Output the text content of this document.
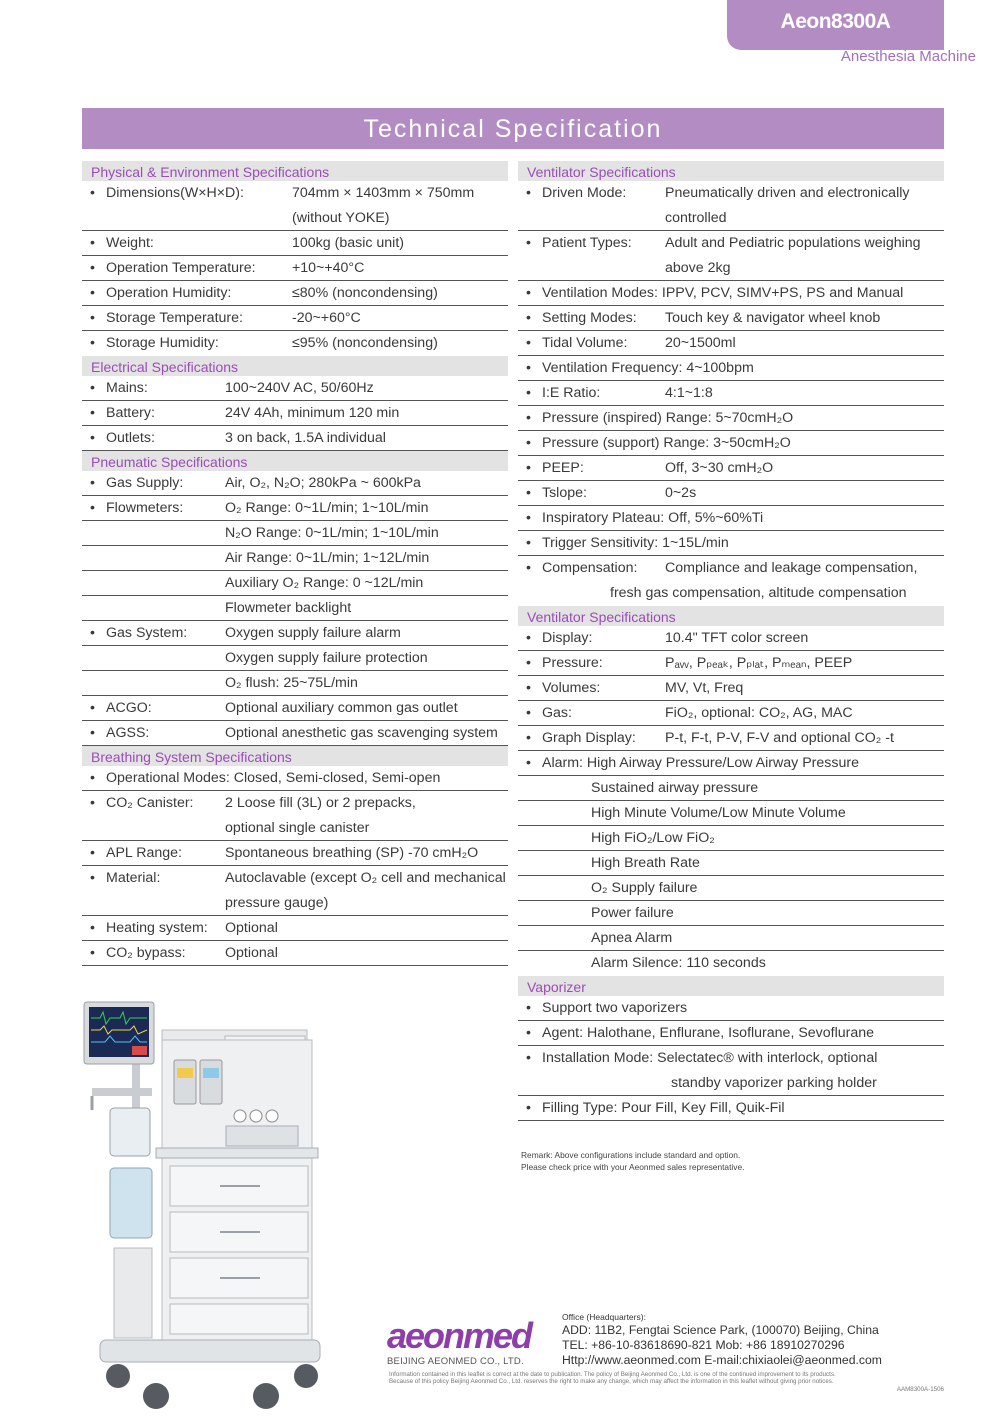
Aeon8300A
Anesthesia Machine
Technical Specification
Physical & Environment Specifications
• Dimensions(W×H×D):	704mm × 1403mm × 750mm
(without YOKE)
• Weight:	100kg (basic unit)
• Operation Temperature:	+10~+40°C
• Operation Humidity:	≤80% (noncondensing)
• Storage Temperature:	-20~+60°C
• Storage Humidity:	≤95% (noncondensing)
Electrical Specifications
• Mains:	100~240V AC, 50/60Hz
• Battery:	24V 4Ah, minimum 120 min
• Outlets:	3 on back, 1.5A individual
Pneumatic Specifications
• Gas Supply:	Air, O₂, N₂O; 280kPa ~ 600kPa
• Flowmeters:	O₂ Range: 0~1L/min; 1~10L/min
N₂O Range: 0~1L/min; 1~10L/min
Air Range: 0~1L/min; 1~12L/min
Auxiliary O₂ Range: 0 ~12L/min
Flowmeter backlight
• Gas System:	Oxygen supply failure alarm
Oxygen supply failure protection
O₂ flush: 25~75L/min
• ACGO:	Optional auxiliary common gas outlet
• AGSS:	Optional anesthetic gas scavenging system
Breathing System Specifications
• Operational Modes: Closed, Semi-closed, Semi-open
• CO₂ Canister: 2 Loose fill (3L) or 2 prepacks,
optional single canister
• APL Range:	Spontaneous breathing (SP) -70 cmH₂O
• Material:	Autoclavable (except O₂ cell and mechanical
pressure gauge)
• Heating system: Optional
• CO₂ bypass:	Optional
Ventilator Specifications
• Driven Mode:	Pneumatically driven and electronically
controlled
• Patient Types: Adult and Pediatric populations weighing
above 2kg
• Ventilation Modes: IPPV, PCV, SIMV+PS, PS and Manual
• Setting Modes: Touch key & navigator wheel knob
• Tidal Volume:	20~1500ml
• Ventilation Frequency: 4~100bpm
• I:E Ratio:	4:1~1:8
• Pressure (inspired) Range: 5~70cmH₂O
• Pressure (support) Range: 3~50cmH₂O
• PEEP:	Off, 3~30 cmH₂O
• Tslope:	0~2s
• Inspiratory Plateau: Off, 5%~60%Ti
• Trigger Sensitivity: 1~15L/min
• Compensation: Compliance and leakage compensation,
fresh gas compensation, altitude compensation
Ventilator Specifications
• Display:	10.4" TFT color screen
• Pressure:	Pₐᵥᵥ, Pₚₑₐₖ, Pₚₗₐₜ, Pₘₑₐₙ, PEEP
• Volumes:	MV, Vt, Freq
• Gas:	FiO₂, optional: CO₂, AG, MAC
• Graph Display: P-t, F-t, P-V, F-V and optional CO₂ -t
• Alarm: High Airway Pressure/Low Airway Pressure
Sustained airway pressure
High Minute Volume/Low Minute Volume
High FiO₂/Low FiO₂
High Breath Rate
O₂ Supply failure
Power failure
Apnea Alarm
Alarm Silence: 110 seconds
Vaporizer
• Support two vaporizers
• Agent: Halothane, Enflurane, Isoflurane, Sevoflurane
• Installation Mode: Selectatec® with interlock, optional
standby vaporizer parking holder
• Filling Type: Pour Fill, Key Fill, Quik-Fil
Remark: Above configurations include standard and option.
Please check price with your Aeonmed sales representative.
aeonmed
BEIJING AEONMED CO., LTD.
Office (Headquarters):
ADD: 11B2, Fengtai Science Park, (100070) Beijing, China
TEL: +86-10-83618690-821 Mob: +86 18910270296
Http://www.aeonmed.com E-mail:chixiaolei@aeonmed.com
Information contained in this leaflet is correct at the date to publication. The policy of Beijing Aeonmed Co., Ltd. is one of the continued improvement to its products.
Because of this policy Beijing Aeonmed Co., Ltd. reserves the right to make any change, which may affect the information in this leaflet without giving prior notices.
AAM8300A-1506
